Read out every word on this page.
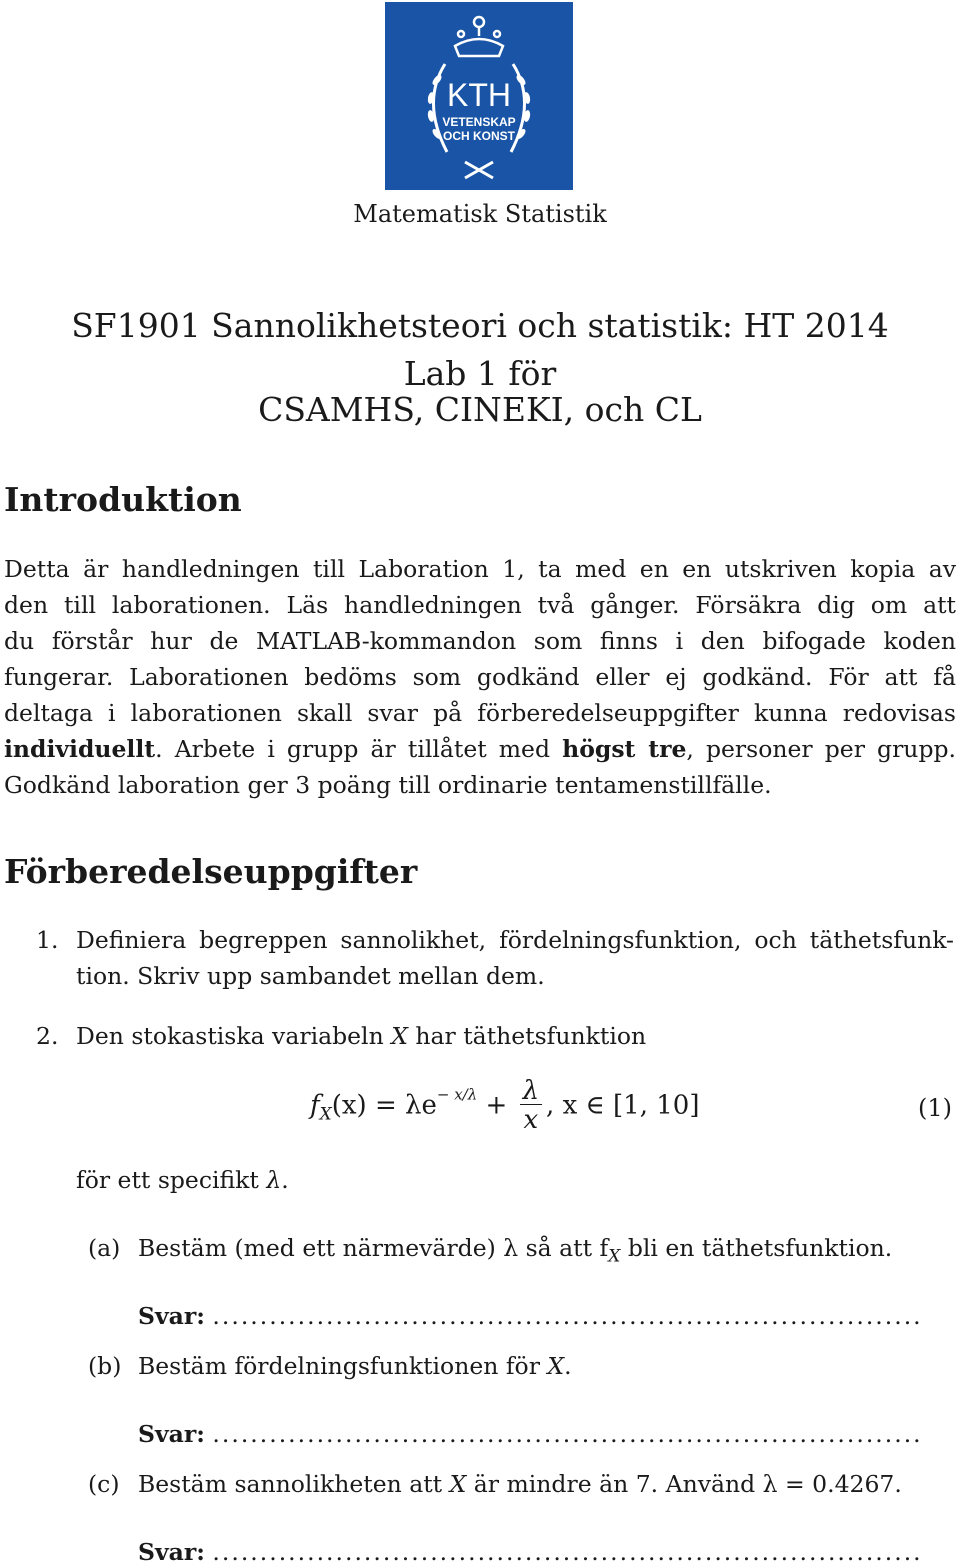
KTH
VETENSKAP
OCH KONST
Matematisk Statistik
SF1901 Sannolikhetsteori och statistik: HT 2014
Lab 1 för
CSAMHS, CINEKI, och CL
Introduktion
Detta är handledningen till Laboration 1, ta med en en utskriven kopia av
den till laborationen. Läs handledningen två gånger. Försäkra dig om att
du förstår hur de MATLAB-kommandon som finns i den bifogade koden
fungerar. Laborationen bedöms som godkänd eller ej godkänd. För att få
deltaga i laborationen skall svar på förberedelseuppgifter kunna redovisas
individuellt. Arbete i grupp är tillåtet med högst tre, personer per grupp.
Godkänd laboration ger 3 poäng till ordinarie tentamenstillfälle.
Förberedelseuppgifter
1. Definiera begreppen sannolikhet, fördelningsfunktion, och täthetsfunk-
tion. Skriv upp sambandet mellan dem.
2. Den stokastiska variabeln X har täthetsfunktion
$f_X(x) = \lambda e^{- x/\lambda} + \frac{\lambda}{x}$ , x ∈ [1, 10]	(1)
för ett specifikt λ.
(a) Bestäm (med ett närmevärde) λ så att $f_X$ bli en täthetsfunktion.
Svar: ...........................................................................
(b) Bestäm fördelningsfunktionen för X.
Svar: ...........................................................................
(c) Bestäm sannolikheten att X är mindre än 7. Använd λ = 0.4267.
Svar: ...........................................................................
